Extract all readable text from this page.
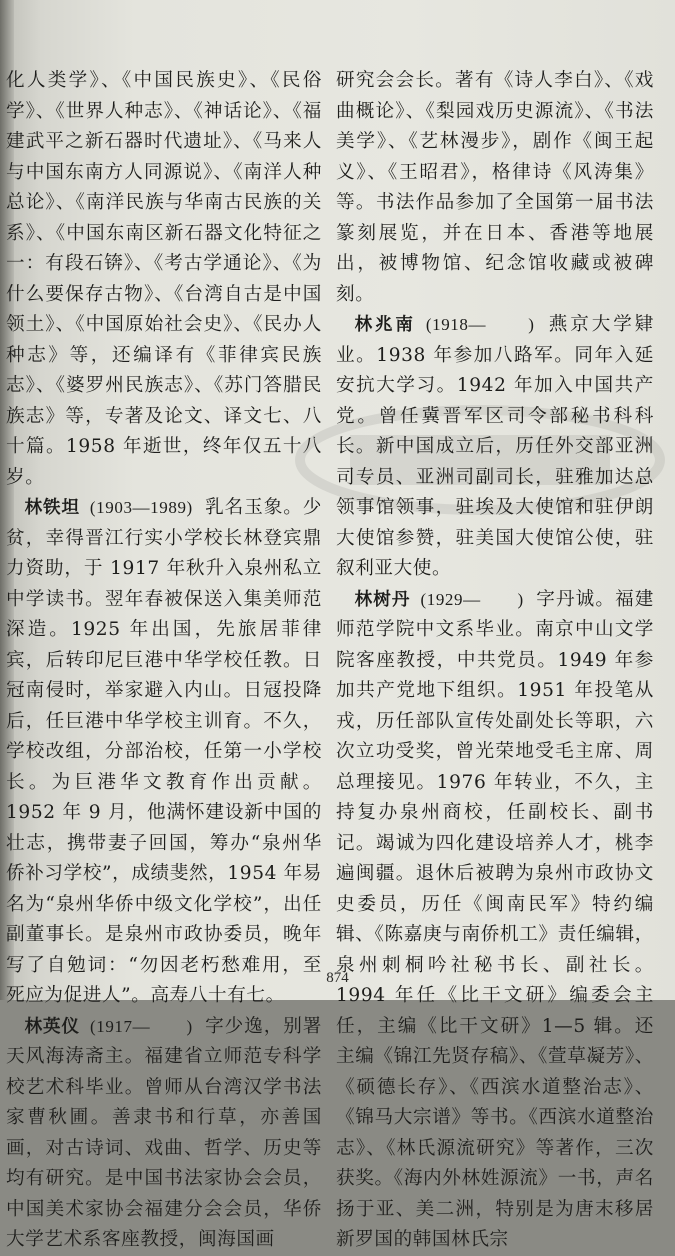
化人类学》、《中国民族史》、《民俗学》、《世界人种志》、《神话论》、《福建武平之新石器时代遗址》、《马来人与中国东南方人同源说》、《南洋人种总论》、《南洋民族与华南古民族的关系》、《中国东南区新石器文化特征之一：有段石锛》、《考古学通论》、《为什么要保存古物》、《台湾自古是中国领土》、《中国原始社会史》、《民办人种志》等，还编译有《菲律宾民族志》、《婆罗州民族志》、《苏门答腊民族志》等，专著及论文、译文七、八十篇。1958 年逝世，终年仅五十八岁。

林铁坦 (1903—1989) 乳名玉象。少贫，幸得晋江行实小学校长林登宾鼎力资助，于 1917 年秋升入泉州私立中学读书。翌年春被保送入集美师范深造。1925 年出国，先旅居菲律宾，后转印尼巨港中华学校任教。日冠南侵时，举家避入内山。日冦投降后，任巨港中华学校主训育。不久，学校改组，分部治校，任第一小学校长。为巨港华文教育作出贡献。1952 年 9 月，他满怀建设新中国的壮志，携带妻子回国，筹办“泉州华侨补习学校”，成绩斐然，1954 年易名为“泉州华侨中级文化学校”，出任副董事长。是泉州市政协委员，晚年写了自勉词：“勿因老朽愁难用，至死应为促进人”。高寿八十有七。

林英仪 (1917—　　) 字少逸，别署天风海涛斋主。福建省立师范专科学校艺术科毕业。曾师从台湾汉学书法家曹秋圃。善隶书和行草，亦善国画，对古诗词、戏曲、哲学、历史等均有研究。是中国书法家协会会员，中国美术家协会福建分会会员，华侨大学艺术系客座教授，闽海国画

研究会会长。著有《诗人李白》、《戏曲概论》、《梨园戏历史源流》、《书法美学》、《艺林漫步》，剧作《闽王起义》、《王昭君》，格律诗《风涛集》等。书法作品参加了全国第一届书法篆刻展览，并在日本、香港等地展出，被博物馆、纪念馆收藏或被碑刻。

林兆南 (1918—　　) 燕京大学肄业。1938 年参加八路军。同年入延安抗大学习。1942 年加入中国共产党。曾任冀晋军区司令部秘书科科长。新中国成立后，历任外交部亚洲司专员、亚洲司副司长，驻雅加达总领事馆领事，驻埃及大使馆和驻伊朗大使馆参赞，驻美国大使馆公使，驻叙利亚大使。

林树丹 (1929—　　) 字丹诚。福建师范学院中文系毕业。南京中山文学院客座教授，中共党员。1949 年参加共产党地下组织。1951 年投笔从戎，历任部队宣传处副处长等职，六次立功受奖，曾光荣地受毛主席、周总理接见。1976 年转业，不久，主持复办泉州商校，任副校长、副书记。竭诚为四化建设培养人才，桃李遍闽疆。退休后被聘为泉州市政协文史委员，历任《闽南民军》特约编辑、《陈嘉庚与南侨机工》责任编辑，泉州刺桐吟社秘书长、副社长。1994 年任《比干文研》编委会主任，主编《比干文研》1—5 辑。还主编《锦江先贤存稿》、《萱草凝芳》、《硕德长存》、《西滨水道整治志》、《锦马大宗谱》等书。《西滨水道整治志》、《林氏源流研究》等著作，三次获奖。《海内外林姓源流》一书，声名扬于亚、美二洲，特别是为唐末移居新罗国的韩国林氏宗

874
